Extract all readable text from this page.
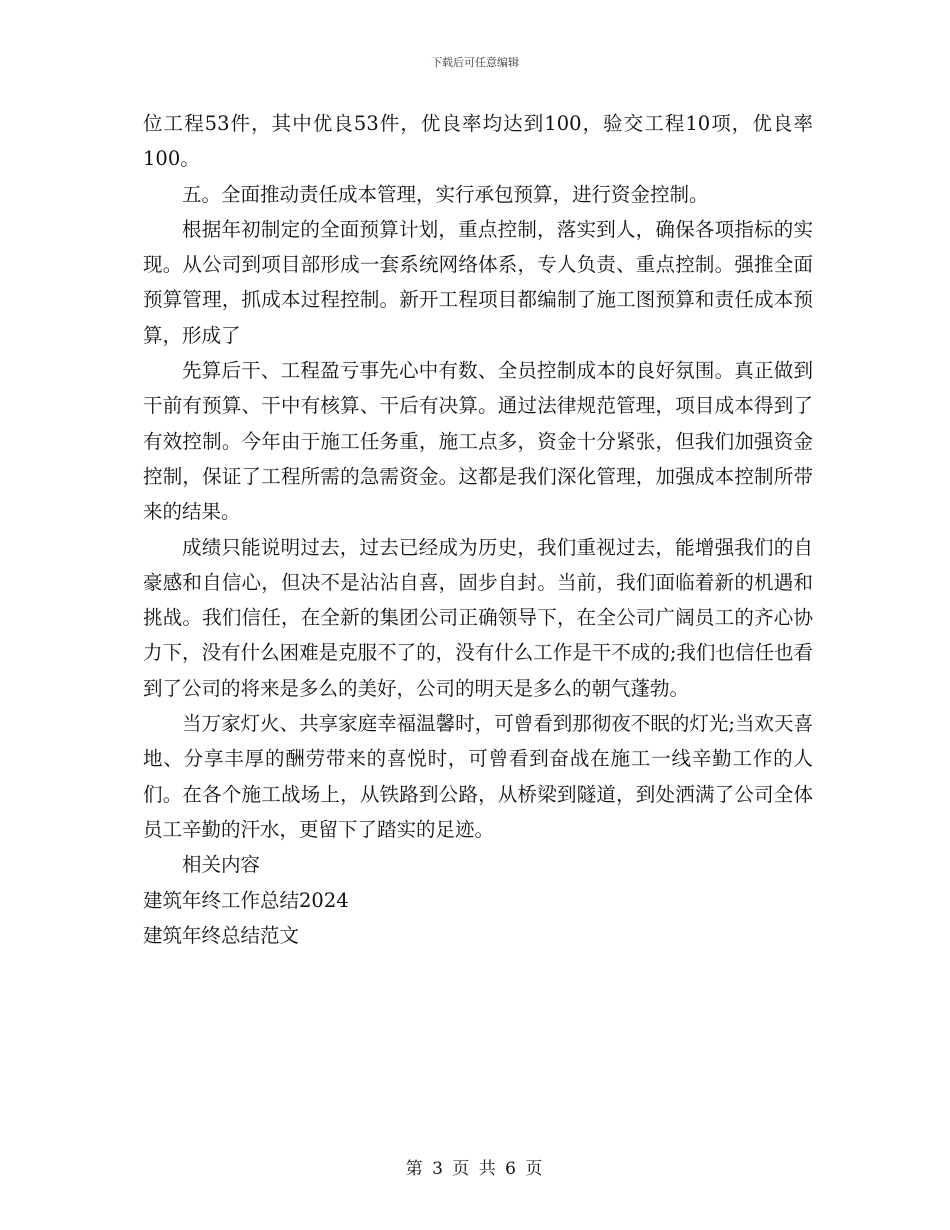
下载后可任意编辑

位工程53件，其中优良53件，优良率均达到100，验交工程10项，优良率100。

五。全面推动责任成本管理，实行承包预算，进行资金控制。

根据年初制定的全面预算计划，重点控制，落实到人，确保各项指标的实现。从公司到项目部形成一套系统网络体系，专人负责、重点控制。强推全面预算管理，抓成本过程控制。新开工程项目都编制了施工图预算和责任成本预算，形成了

先算后干、工程盈亏事先心中有数、全员控制成本的良好氛围。真正做到干前有预算、干中有核算、干后有决算。通过法律规范管理，项目成本得到了有效控制。今年由于施工任务重，施工点多，资金十分紧张，但我们加强资金控制，保证了工程所需的急需资金。这都是我们深化管理，加强成本控制所带来的结果。

成绩只能说明过去，过去已经成为历史，我们重视过去，能增强我们的自豪感和自信心，但决不是沾沾自喜，固步自封。当前，我们面临着新的机遇和挑战。我们信任，在全新的集团公司正确领导下，在全公司广阔员工的齐心协力下，没有什么困难是克服不了的，没有什么工作是干不成的;我们也信任也看到了公司的将来是多么的美好，公司的明天是多么的朝气蓬勃。

当万家灯火、共享家庭幸福温馨时，可曾看到那彻夜不眠的灯光;当欢天喜地、分享丰厚的酬劳带来的喜悦时，可曾看到奋战在施工一线辛勤工作的人们。在各个施工战场上，从铁路到公路，从桥梁到隧道，到处洒满了公司全体员工辛勤的汗水，更留下了踏实的足迹。

相关内容

建筑年终工作总结2024
建筑年终总结范文
第 3 页 共 6 页
